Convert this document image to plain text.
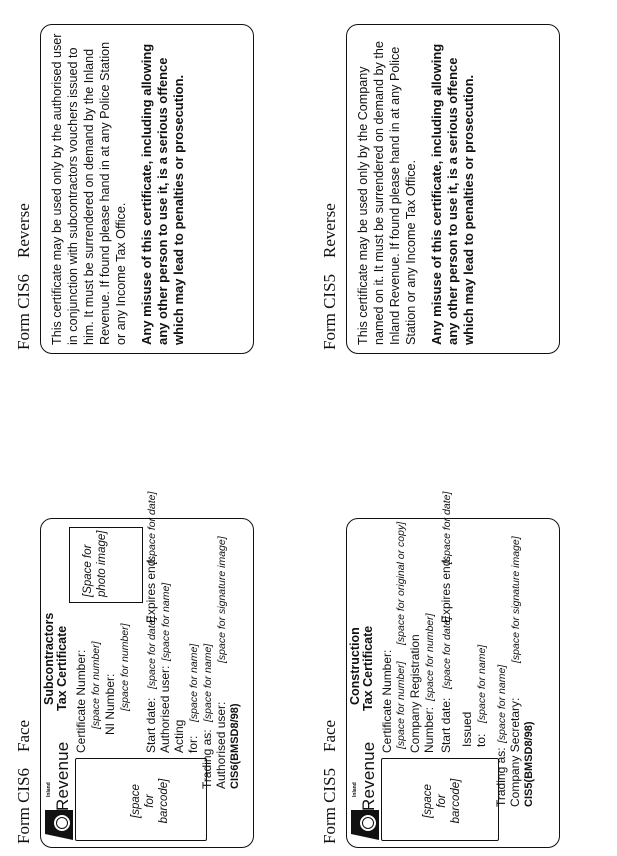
Form CIS6
Face
Inland Revenue
Subcontractors Tax Certificate
[space for barcode]
[Space for photo image]
Certificate Number: [space for number] NI Number: [space for number]
Start date:
[space for date]
Expires end:
[space for date]
Authorised user:
[space for name]
Acting for:
[space for name]
Trading as:
[space for name]
Authorised user:
[space for signature image]
CIS6(BMSD8/98)
Form CIS6
Reverse This certificate may be used only by the authorised user in conjunction with subcontractors vouchers issued to him. It must be surrendered on demand by the Inland Revenue. If found please hand in at any Police Station or any Income Tax Office. Any misuse of this certificate, including allowing any other person to use it, is a serious offence which may lead to penalties or prosecution.
Form CIS5
Face
Inland Revenue
Construction Tax Certificate
[space for barcode]
Certificate Number: [space for number]
[space for original or copy]
Company Registration Number:
[space for number]
Start date:
[space for date]
Expires end:
[space for date]
Issued to:
[space for name]
Trading as:
[space for name] Company Secretary:
[space for signature image]
CIS5(BMSD8/98)
Form CIS5
Reverse This certificate may be used only by the Company named on it. It must be surrendered on demand by the Inland Revenue. If found please hand in at any Police Station or any Income Tax Office. Any misuse of this certificate, including allowing any other person to use it, is a serious offence which may lead to penalties or prosecution.
